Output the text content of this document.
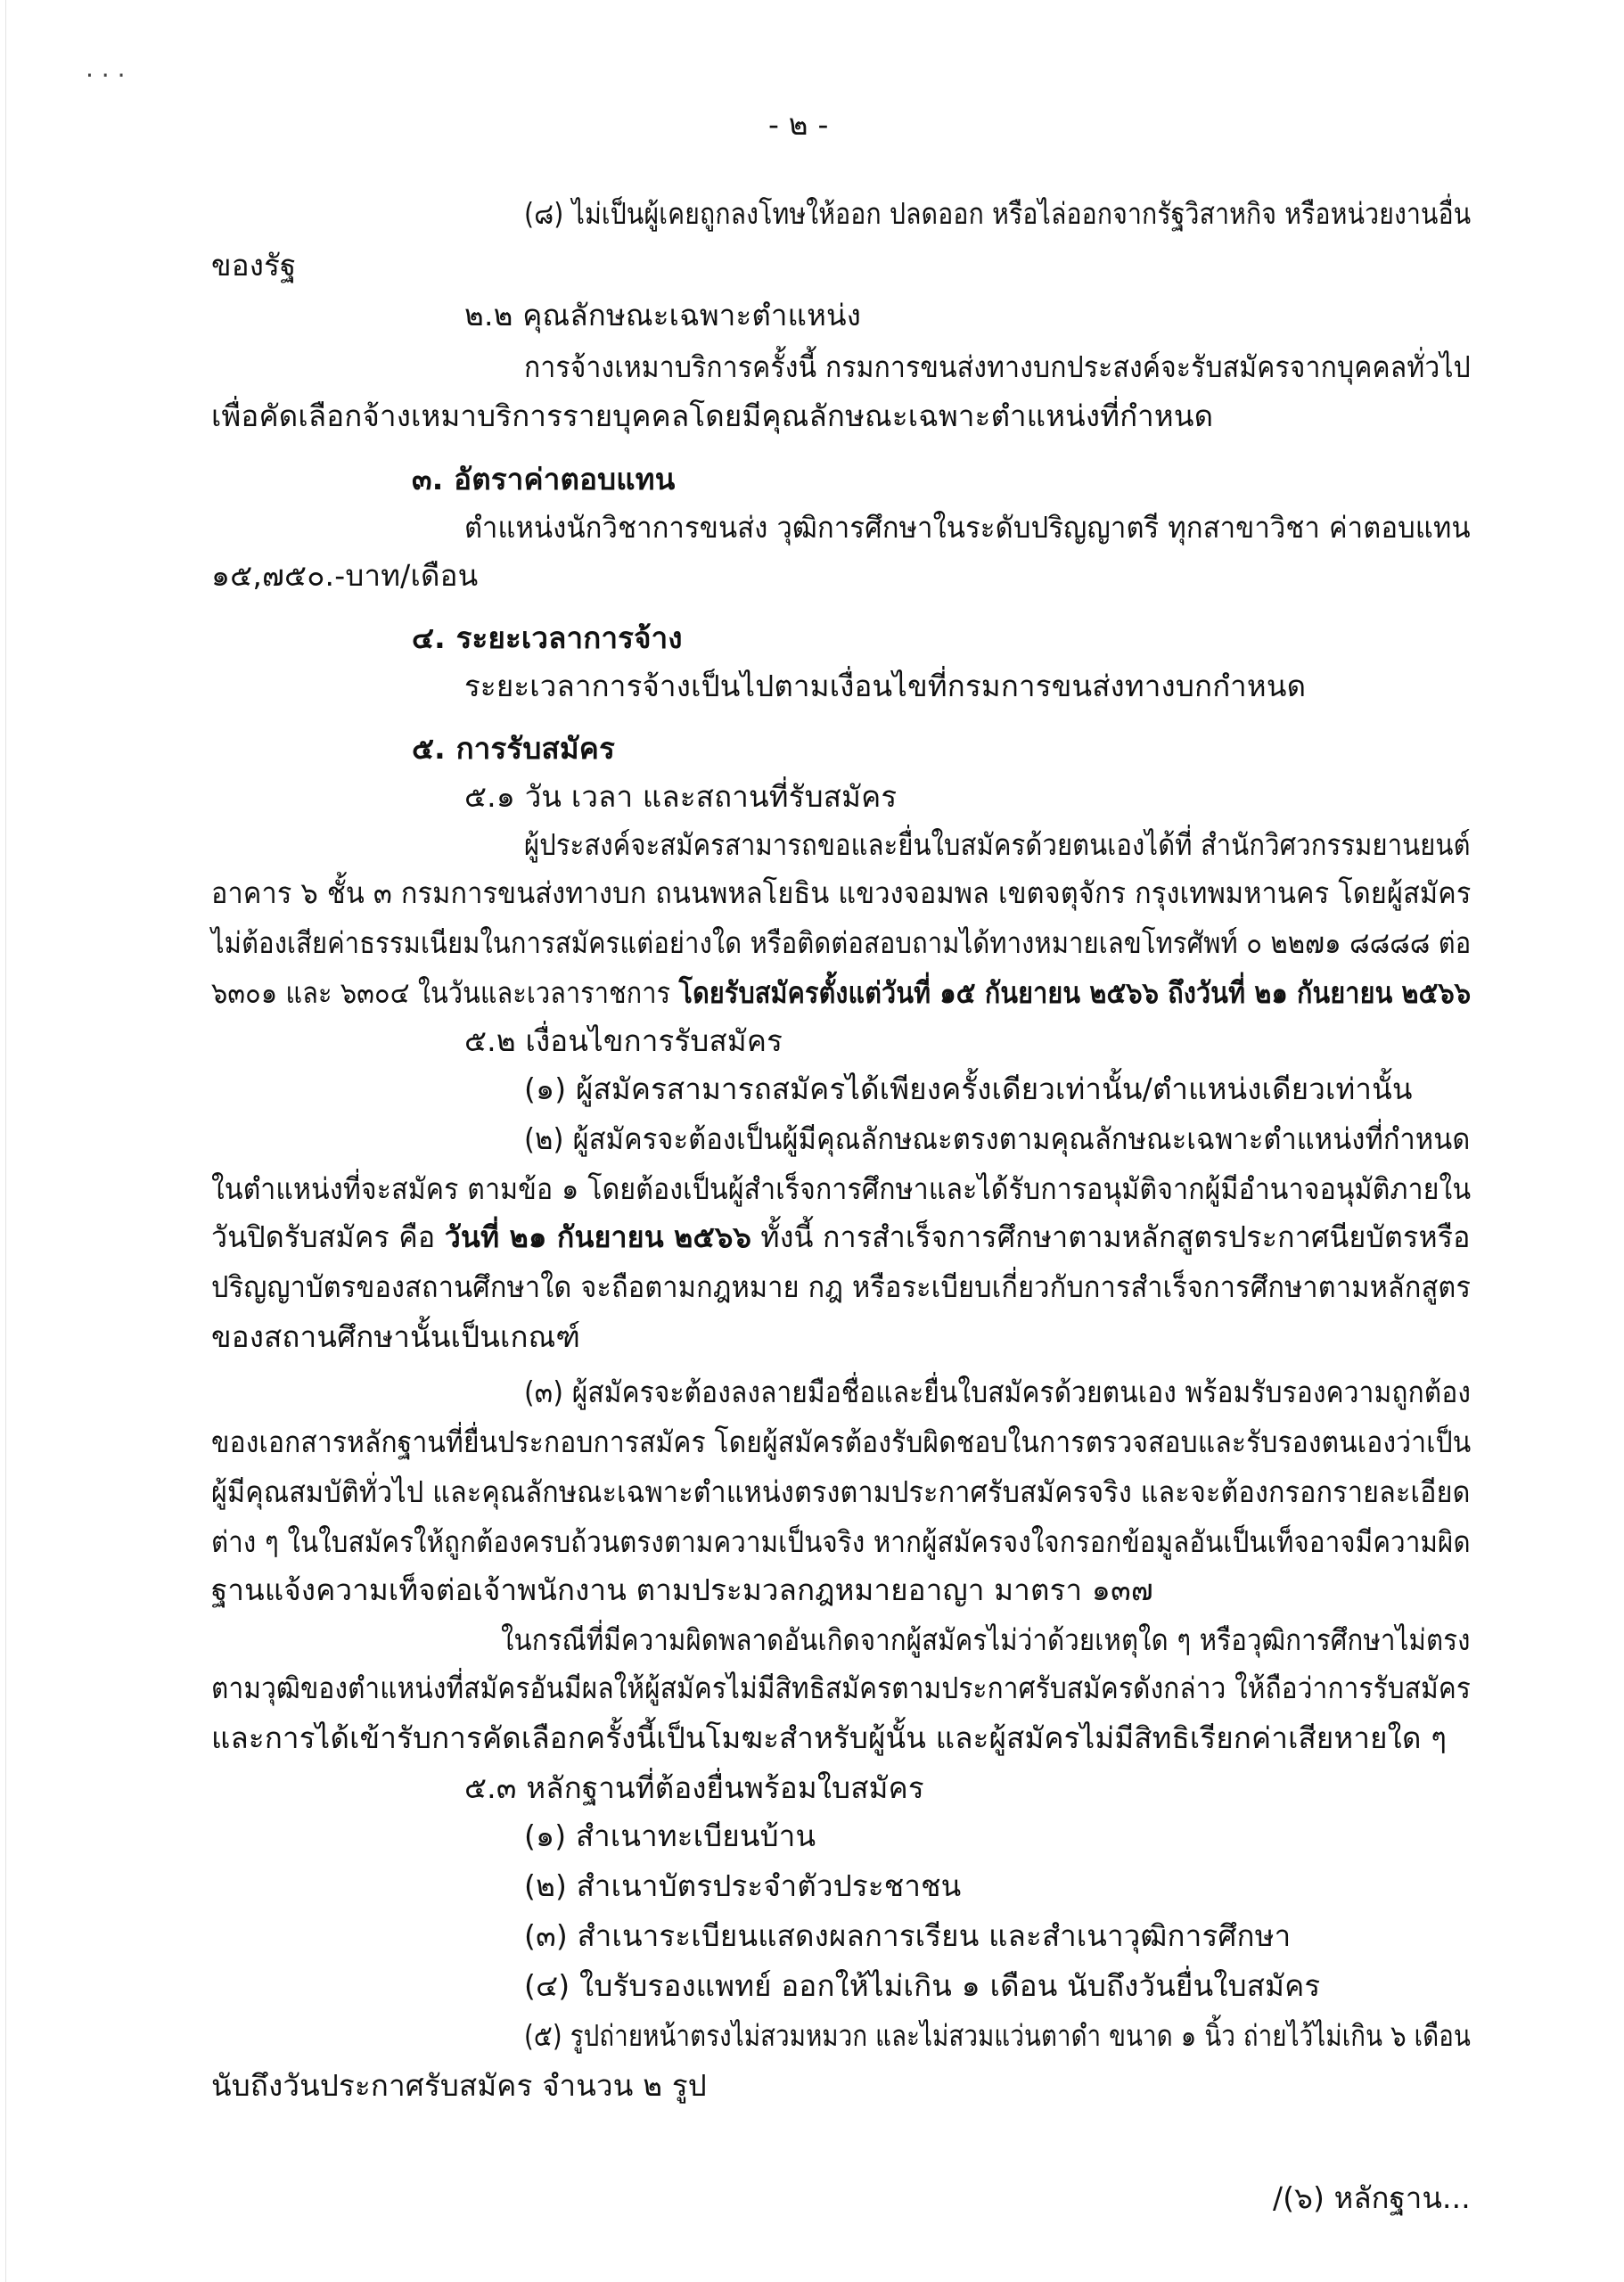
· · ·
- ๒ -
(๘) ไม่เป็นผู้เคยถูกลงโทษให้ออก ปลดออก หรือไล่ออกจากรัฐวิสาหกิจ หรือหน่วยงานอื่น
ของรัฐ
๒.๒ คุณลักษณะเฉพาะตำแหน่ง
การจ้างเหมาบริการครั้งนี้ กรมการขนส่งทางบกประสงค์จะรับสมัครจากบุคคลทั่วไป
เพื่อคัดเลือกจ้างเหมาบริการรายบุคคลโดยมีคุณลักษณะเฉพาะตำแหน่งที่กำหนด
๓. อัตราค่าตอบแทน
ตำแหน่งนักวิชาการขนส่ง วุฒิการศึกษาในระดับปริญญาตรี ทุกสาขาวิชา ค่าตอบแทน
๑๕,๗๕๐.-บาท/เดือน
๔. ระยะเวลาการจ้าง
ระยะเวลาการจ้างเป็นไปตามเงื่อนไขที่กรมการขนส่งทางบกกำหนด
๕. การรับสมัคร
๕.๑ วัน เวลา และสถานที่รับสมัคร
ผู้ประสงค์จะสมัครสามารถขอและยื่นใบสมัครด้วยตนเองได้ที่ สำนักวิศวกรรมยานยนต์
อาคาร ๖ ชั้น ๓ กรมการขนส่งทางบก ถนนพหลโยธิน แขวงจอมพล เขตจตุจักร กรุงเทพมหานคร โดยผู้สมัคร
ไม่ต้องเสียค่าธรรมเนียมในการสมัครแต่อย่างใด หรือติดต่อสอบถามได้ทางหมายเลขโทรศัพท์ ๐ ๒๒๗๑ ๘๘๘๘ ต่อ
๖๓๐๑ และ ๖๓๐๔ ในวันและเวลาราชการ โดยรับสมัครตั้งแต่วันที่ ๑๕ กันยายน ๒๕๖๖ ถึงวันที่ ๒๑ กันยายน ๒๕๖๖
๕.๒ เงื่อนไขการรับสมัคร
(๑) ผู้สมัครสามารถสมัครได้เพียงครั้งเดียวเท่านั้น/ตำแหน่งเดียวเท่านั้น
(๒) ผู้สมัครจะต้องเป็นผู้มีคุณลักษณะตรงตามคุณลักษณะเฉพาะตำแหน่งที่กำหนด
ในตำแหน่งที่จะสมัคร ตามข้อ ๑ โดยต้องเป็นผู้สำเร็จการศึกษาและได้รับการอนุมัติจากผู้มีอำนาจอนุมัติภายใน
วันปิดรับสมัคร คือ วันที่ ๒๑ กันยายน ๒๕๖๖ ทั้งนี้ การสำเร็จการศึกษาตามหลักสูตรประกาศนียบัตรหรือ
ปริญญาบัตรของสถานศึกษาใด จะถือตามกฎหมาย กฎ หรือระเบียบเกี่ยวกับการสำเร็จการศึกษาตามหลักสูตร
ของสถานศึกษานั้นเป็นเกณฑ์
(๓) ผู้สมัครจะต้องลงลายมือชื่อและยื่นใบสมัครด้วยตนเอง พร้อมรับรองความถูกต้อง
ของเอกสารหลักฐานที่ยื่นประกอบการสมัคร โดยผู้สมัครต้องรับผิดชอบในการตรวจสอบและรับรองตนเองว่าเป็น
ผู้มีคุณสมบัติทั่วไป และคุณลักษณะเฉพาะตำแหน่งตรงตามประกาศรับสมัครจริง และจะต้องกรอกรายละเอียด
ต่าง ๆ ในใบสมัครให้ถูกต้องครบถ้วนตรงตามความเป็นจริง หากผู้สมัครจงใจกรอกข้อมูลอันเป็นเท็จอาจมีความผิด
ฐานแจ้งความเท็จต่อเจ้าพนักงาน ตามประมวลกฎหมายอาญา มาตรา ๑๓๗
ในกรณีที่มีความผิดพลาดอันเกิดจากผู้สมัครไม่ว่าด้วยเหตุใด ๆ หรือวุฒิการศึกษาไม่ตรง
ตามวุฒิของตำแหน่งที่สมัครอันมีผลให้ผู้สมัครไม่มีสิทธิสมัครตามประกาศรับสมัครดังกล่าว ให้ถือว่าการรับสมัคร
และการได้เข้ารับการคัดเลือกครั้งนี้เป็นโมฆะสำหรับผู้นั้น และผู้สมัครไม่มีสิทธิเรียกค่าเสียหายใด ๆ
๕.๓ หลักฐานที่ต้องยื่นพร้อมใบสมัคร
(๑) สำเนาทะเบียนบ้าน
(๒) สำเนาบัตรประจำตัวประชาชน
(๓) สำเนาระเบียนแสดงผลการเรียน และสำเนาวุฒิการศึกษา
(๔) ใบรับรองแพทย์ ออกให้ไม่เกิน ๑ เดือน นับถึงวันยื่นใบสมัคร
(๕) รูปถ่ายหน้าตรงไม่สวมหมวก และไม่สวมแว่นตาดำ ขนาด ๑ นิ้ว ถ่ายไว้ไม่เกิน ๖ เดือน
นับถึงวันประกาศรับสมัคร จำนวน ๒ รูป
/(๖) หลักฐาน...
